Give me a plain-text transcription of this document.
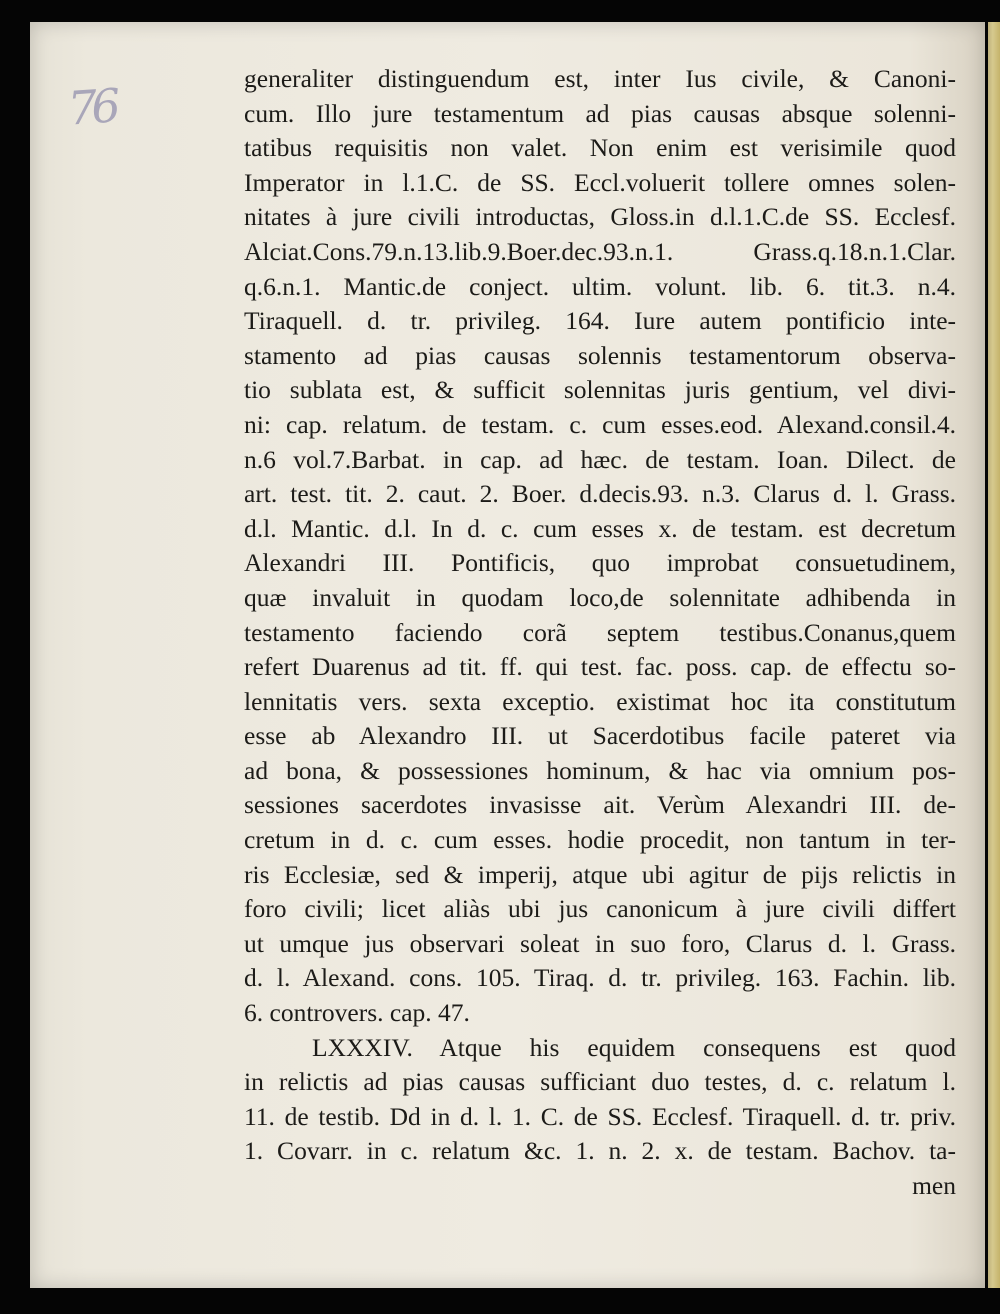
76	generaliter distinguendum est, inter Ius civile, & Canoni-
cum. Illo jure testamentum ad pias causas absque solenni-
tatibus requisitis non valet. Non enim est verisimile quod
Imperator in l.1.C. de SS. Eccl.voluerit tollere omnes solen-
nitates à jure civili introductas, Gloss.in d.l.1.C.de SS. Ecclesf.
Alciat.Cons.79.n.13.lib.9.Boer.dec.93.n.1. Grass.q.18.n.1.Clar.
q.6.n.1. Mantic.de conject. ultim. volunt. lib. 6. tit.3. n.4.
Tiraquell. d. tr. privileg. 164. Iure autem pontificio inte-
stamento ad pias causas solennis testamentorum observa-
tio sublata est, & sufficit solennitas juris gentium, vel divi-
ni: cap. relatum. de testam. c. cum esses.eod. Alexand.consil.4.
n.6 vol.7.Barbat. in cap. ad hæc. de testam. Ioan. Dilect. de
art. test. tit. 2. caut. 2. Boer. d.decis.93. n.3. Clarus d. l. Grass.
d.l. Mantic. d.l. In d. c. cum esses x. de testam. est decretum
Alexandri III. Pontificis, quo improbat consuetudinem,
quæ invaluit in quodam loco,de solennitate adhibenda in
testamento faciendo corã septem testibus.Conanus,quem
refert Duarenus ad tit. ff. qui test. fac. poss. cap. de effectu so-
lennitatis vers. sexta exceptio. existimat hoc ita constitutum
esse ab Alexandro III. ut Sacerdotibus facile pateret via
ad bona, & possessiones hominum, & hac via omnium pos-
sessiones sacerdotes invasisse ait. Verùm Alexandri III. de-
cretum in d. c. cum esses. hodie procedit, non tantum in ter-
ris Ecclesiæ, sed & imperij, atque ubi agitur de pijs relictis in
foro civili; licet aliàs ubi jus canonicum à jure civili differt
ut umque jus observari soleat in suo foro, Clarus d. l. Grass.
d. l. Alexand. cons. 105. Tiraq. d. tr. privileg. 163. Fachin. lib.
6. controvers. cap. 47.
LXXXIV. Atque his equidem consequens est quod
in relictis ad pias causas sufficiant duo testes, d. c. relatum l.
11. de testib. Dd in d. l. 1. C. de SS. Ecclesf. Tiraquell. d. tr. priv.
1. Covarr. in c. relatum &c. 1. n. 2. x. de testam. Bachov. ta-
men
